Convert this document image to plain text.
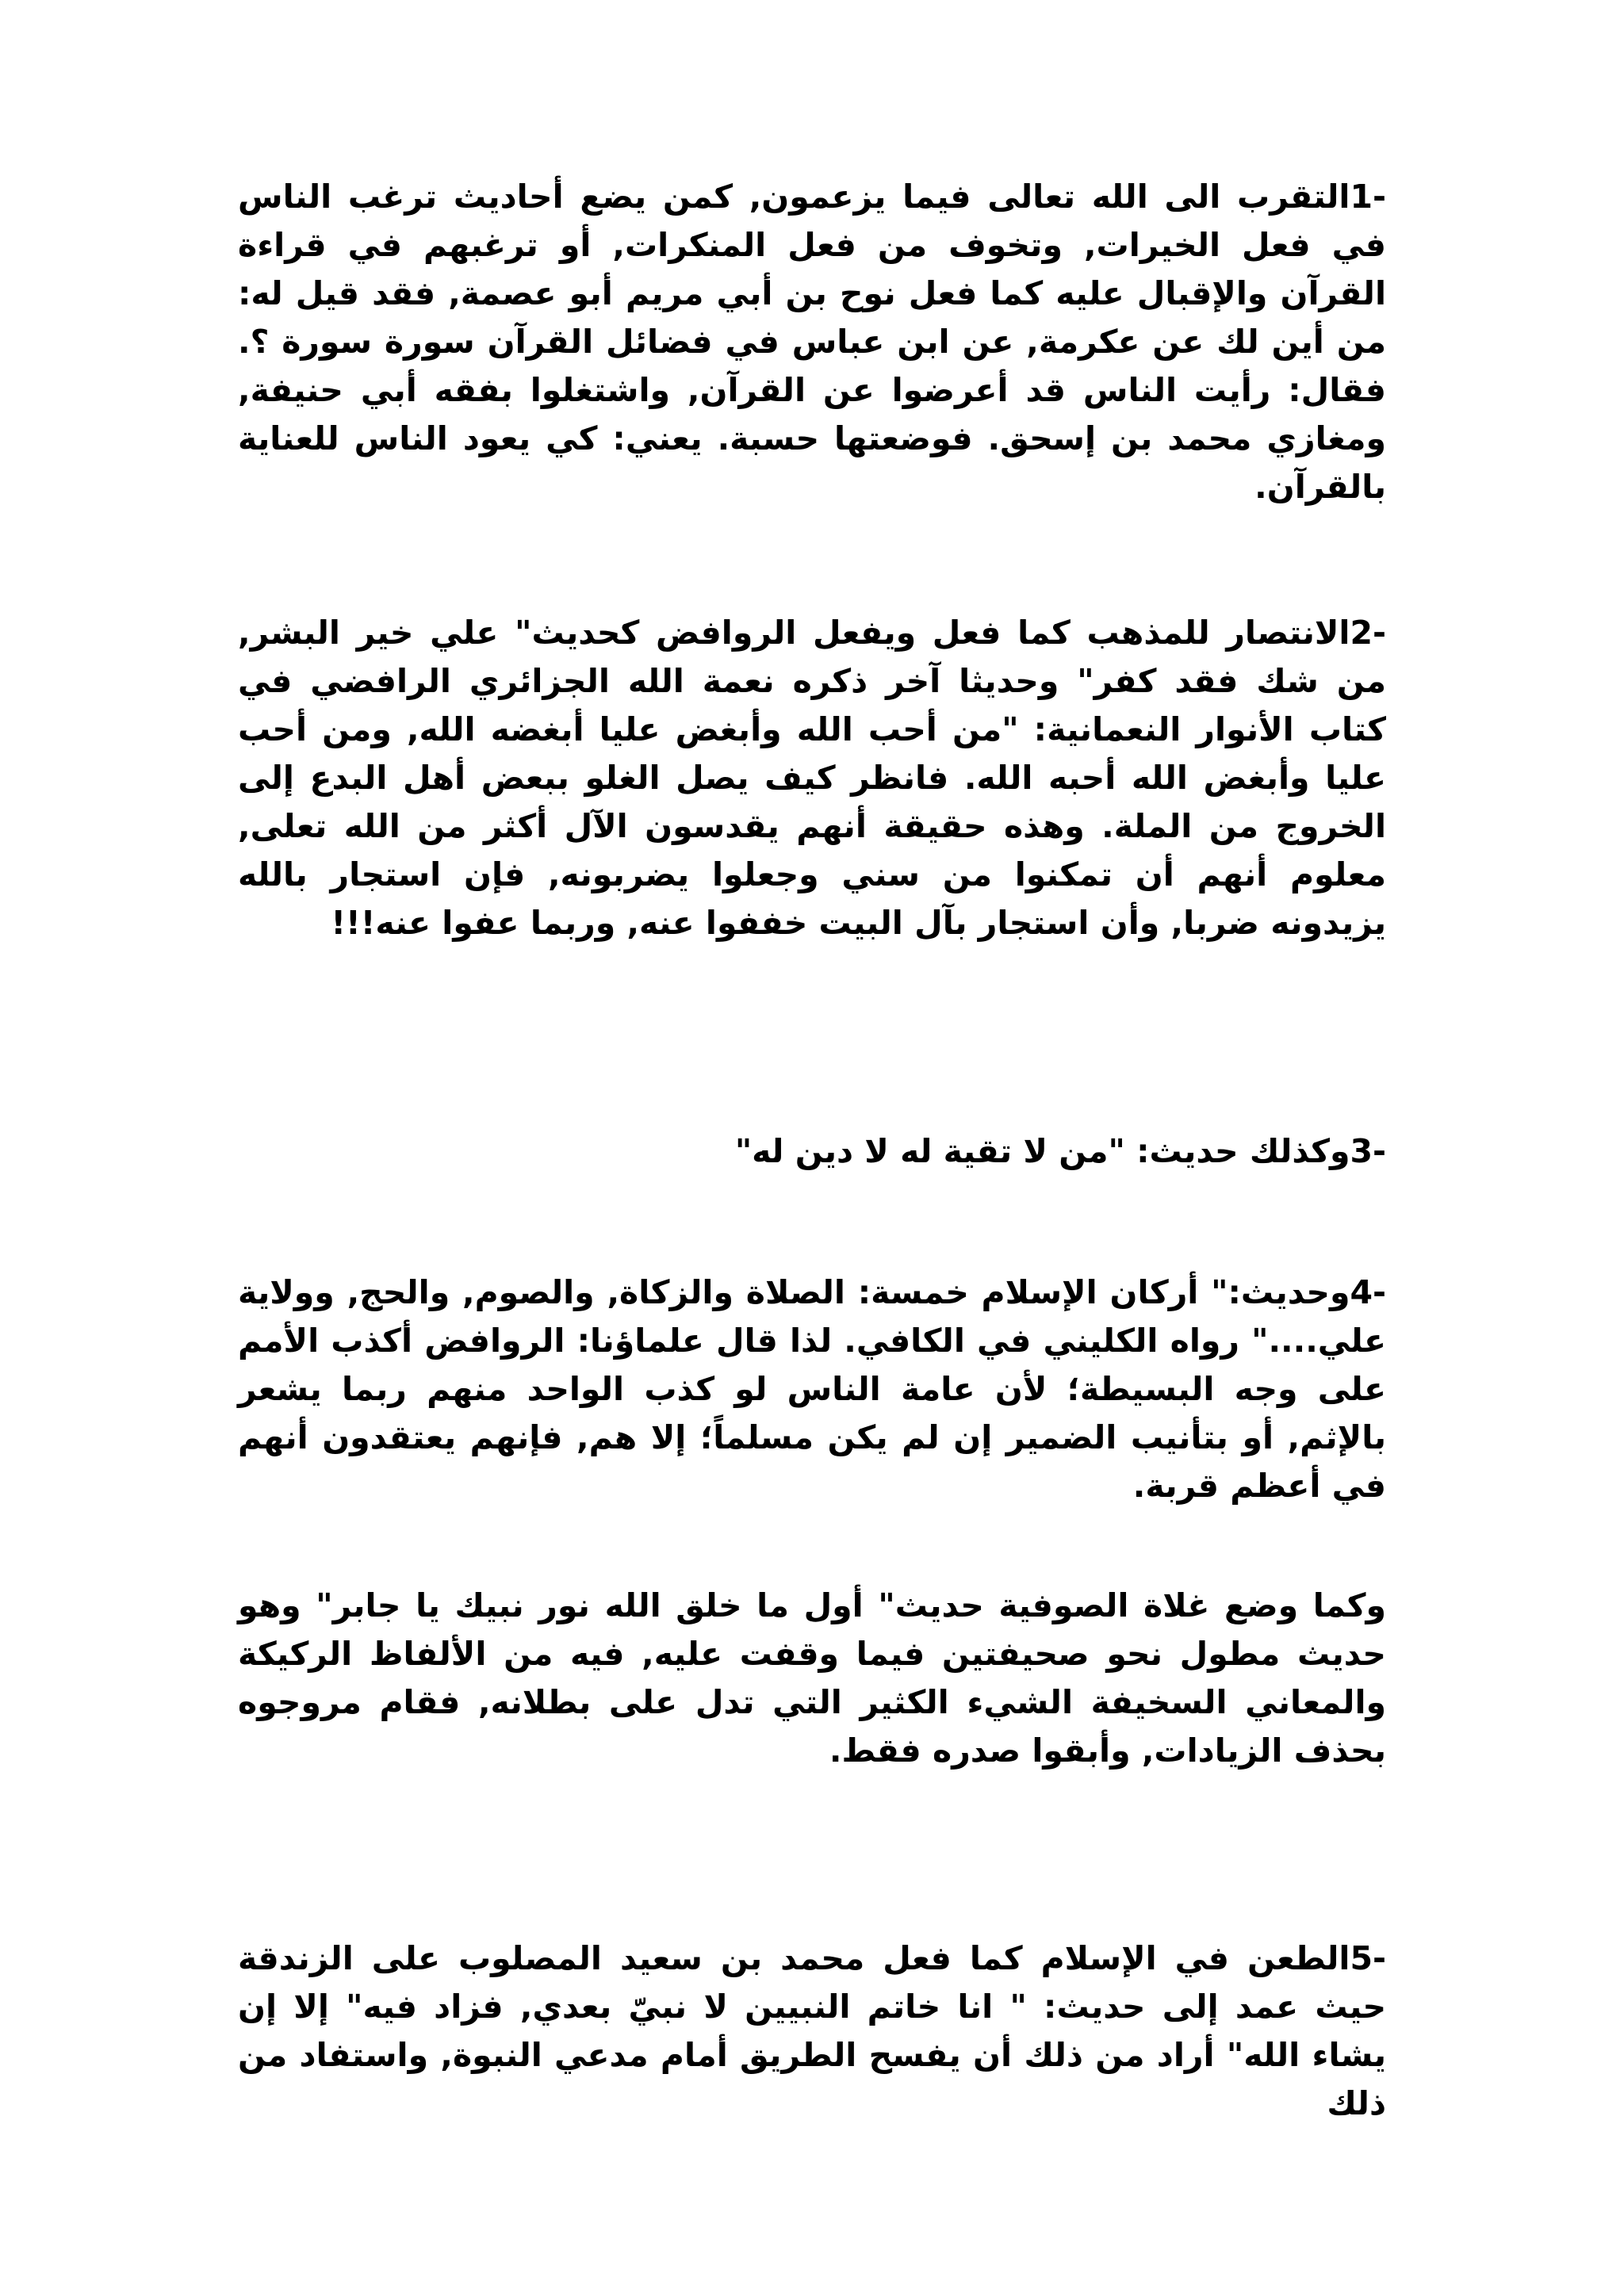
-1التقرب الى الله تعالى فيما يزعمون, كمن يضع أحاديث ترغب الناس في فعل الخيرات, وتخوف من فعل المنكرات, أو ترغبهم في قراءة القرآن والإقبال عليه كما فعل نوح بن أبي مريم أبو عصمة, فقد قيل له: من أين لك عن عكرمة, عن ابن عباس في فضائل القرآن سورة سورة ؟. فقال: رأيت الناس قد أعرضوا عن القرآن, واشتغلوا بفقه أبي حنيفة, ومغازي محمد بن إسحق. فوضعتها حسبة. يعني: كي يعود الناس للعناية بالقرآن.

-2الانتصار للمذهب كما فعل ويفعل الروافض كحديث" علي خير البشر, من شك فقد كفر" وحديثا آخر ذكره نعمة الله الجزائري الرافضي في كتاب الأنوار النعمانية: "من أحب الله وأبغض عليا أبغضه الله, ومن أحب عليا وأبغض الله أحبه الله. فانظر كيف يصل الغلو ببعض أهل البدع إلى الخروج من الملة. وهذه حقيقة أنهم يقدسون الآل أكثر من الله تعلى, معلوم أنهم أن تمكنوا من سني وجعلوا يضربونه, فإن استجار بالله يزيدونه ضربا, وأن استجار بآل البيت خففوا عنه, وربما عفوا عنه!!!

-3وكذلك حديث: "من لا تقية له لا دين له"

-4وحديث:" أركان الإسلام خمسة: الصلاة والزكاة, والصوم, والحج, وولاية علي...." رواه الكليني في الكافي. لذا قال علماؤنا: الروافض أكذب الأمم على وجه البسيطة؛ لأن عامة الناس لو كذب الواحد منهم ربما يشعر بالإثم, أو بتأنيب الضمير إن لم يكن مسلماً؛ إلا هم, فإنهم يعتقدون أنهم في أعظم قربة.

وكما وضع غلاة الصوفية حديث" أول ما خلق الله نور نبيك يا جابر" وهو حديث مطول نحو صحيفتين فيما وقفت عليه, فيه من الألفاظ الركيكة والمعاني السخيفة الشيء الكثير التي تدل على بطلانه, فقام مروجوه بحذف الزيادات, وأبقوا صدره فقط.

-5الطعن في الإسلام كما فعل محمد بن سعيد المصلوب على الزندقة حيث عمد إلى حديث: " انا خاتم النبيين لا نبيّ بعدي, فزاد فيه" إلا إن يشاء الله" أراد من ذلك أن يفسح الطريق أمام مدعي النبوة, واستفاد من ذلك
